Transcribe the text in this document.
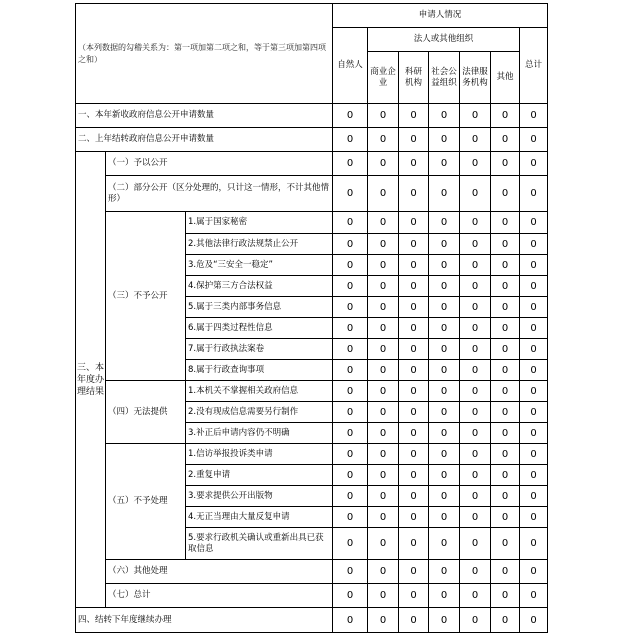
（本列数据的勾稽关系为：第一项加第二项之和，等于第三项加第四项之和）			申请人情况						
			自然人	法人或其他组织					总计
				商业企业	科研机构	社会公益组织	法律服务机构	其他	
一、本年新收政府信息公开申请数量			0	0	0	0	0	0	0
二、上年结转政府信息公开申请数量			0	0	0	0	0	0	0
三、本年度办理结果	（一）予以公开		0	0	0	0	0	0	0
	（二）部分公开（区分处理的，只计这一情形，不计其他情形）		0	0	0	0	0	0	0
	（三）不予公开	1.属于国家秘密	0	0	0	0	0	0	0
		2.其他法律行政法规禁止公开	0	0	0	0	0	0	0
		3.危及“三安全一稳定”	0	0	0	0	0	0	0
		4.保护第三方合法权益	0	0	0	0	0	0	0
		5.属于三类内部事务信息	0	0	0	0	0	0	0
		6.属于四类过程性信息	0	0	0	0	0	0	0
		7.属于行政执法案卷	0	0	0	0	0	0	0
		8.属于行政查询事项	0	0	0	0	0	0	0
	（四）无法提供	1.本机关不掌握相关政府信息	0	0	0	0	0	0	0
		2.没有现成信息需要另行制作	0	0	0	0	0	0	0
		3.补正后申请内容仍不明确	0	0	0	0	0	0	0
	（五）不予处理	1.信访举报投诉类申请	0	0	0	0	0	0	0
		2.重复申请	0	0	0	0	0	0	0
		3.要求提供公开出版物	0	0	0	0	0	0	0
		4.无正当理由大量反复申请	0	0	0	0	0	0	0
		5.要求行政机关确认或重新出具已获取信息	0	0	0	0	0	0	0
	（六）其他处理		0	0	0	0	0	0	0
	（七）总计		0	0	0	0	0	0	0
四、结转下年度继续办理			0	0	0	0	0	0	0
